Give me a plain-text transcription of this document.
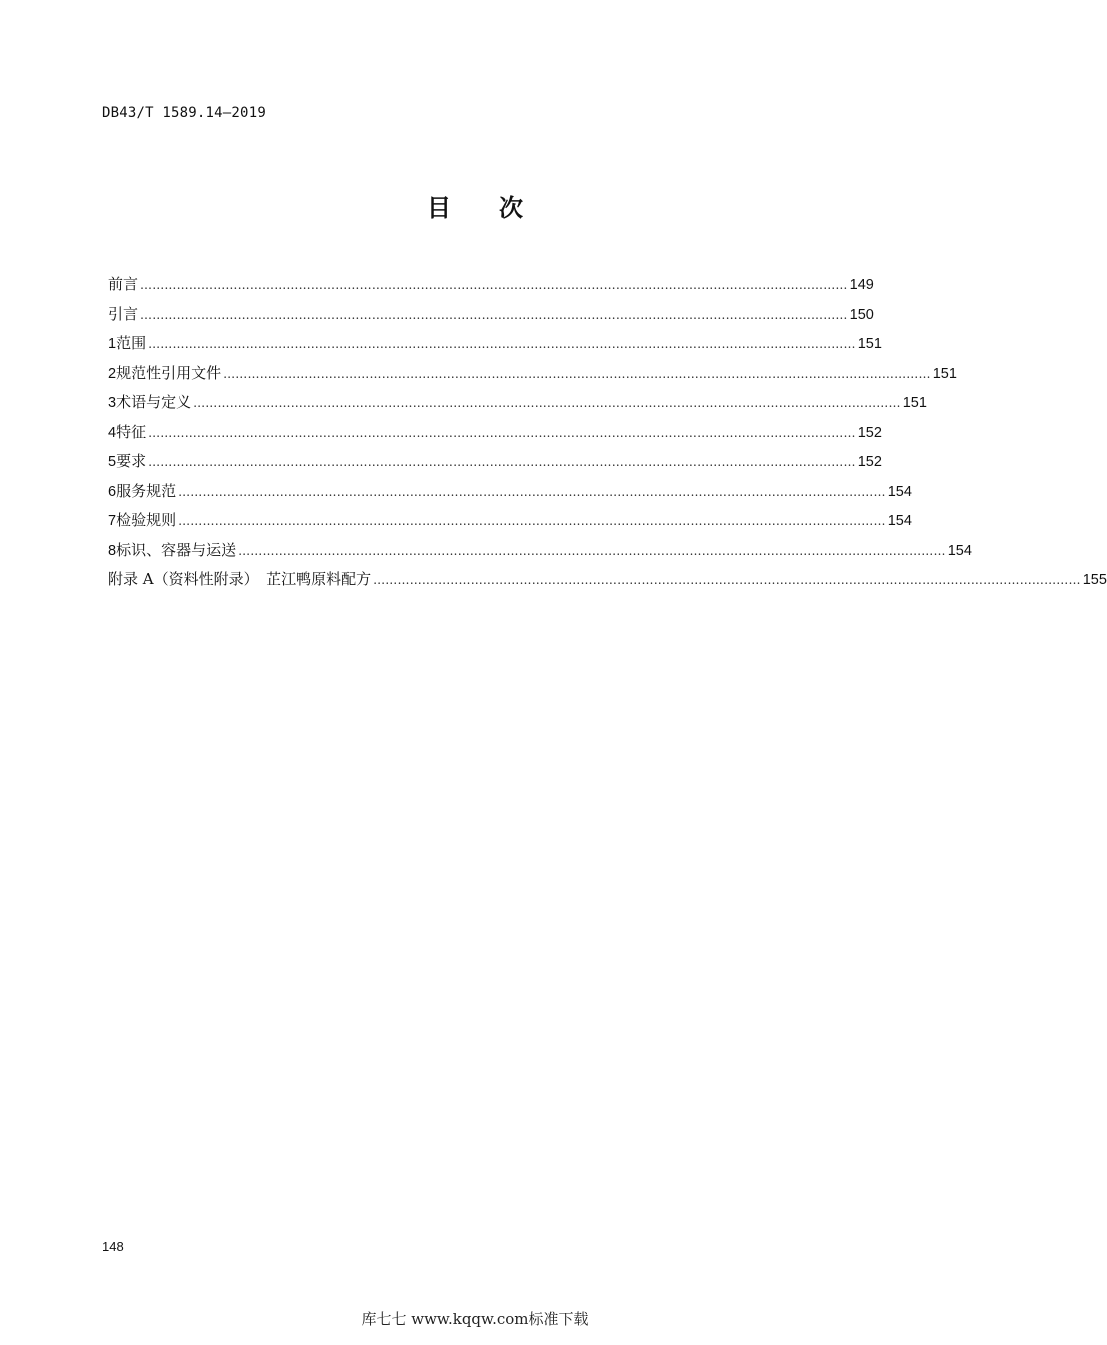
DB43/T 1589.14—2019
目 次
前言 ………………………………………………………………………………………………………………………………………………………… 149
引言 ………………………………………………………………………………………………………………………………………………………… 150
1 范围 ………………………………………………………………………………………………………………………………………………………… 151
2 规范性引用文件 ………………………………………………………………………………………………………………………………………………………… 151
3 术语与定义 ………………………………………………………………………………………………………………………………………………………… 151
4 特征 ………………………………………………………………………………………………………………………………………………………… 152
5 要求 ………………………………………………………………………………………………………………………………………………………… 152
6 服务规范 ………………………………………………………………………………………………………………………………………………………… 154
7 检验规则 ………………………………………………………………………………………………………………………………………………………… 154
8 标识、容器与运送 ………………………………………………………………………………………………………………………………………………………… 154
附录 A（资料性附录）　芷江鸭原料配方 ………………………………………………………………………………………………………………………………………………………… 155
148
库七七 www.kqqw.com标准下载
